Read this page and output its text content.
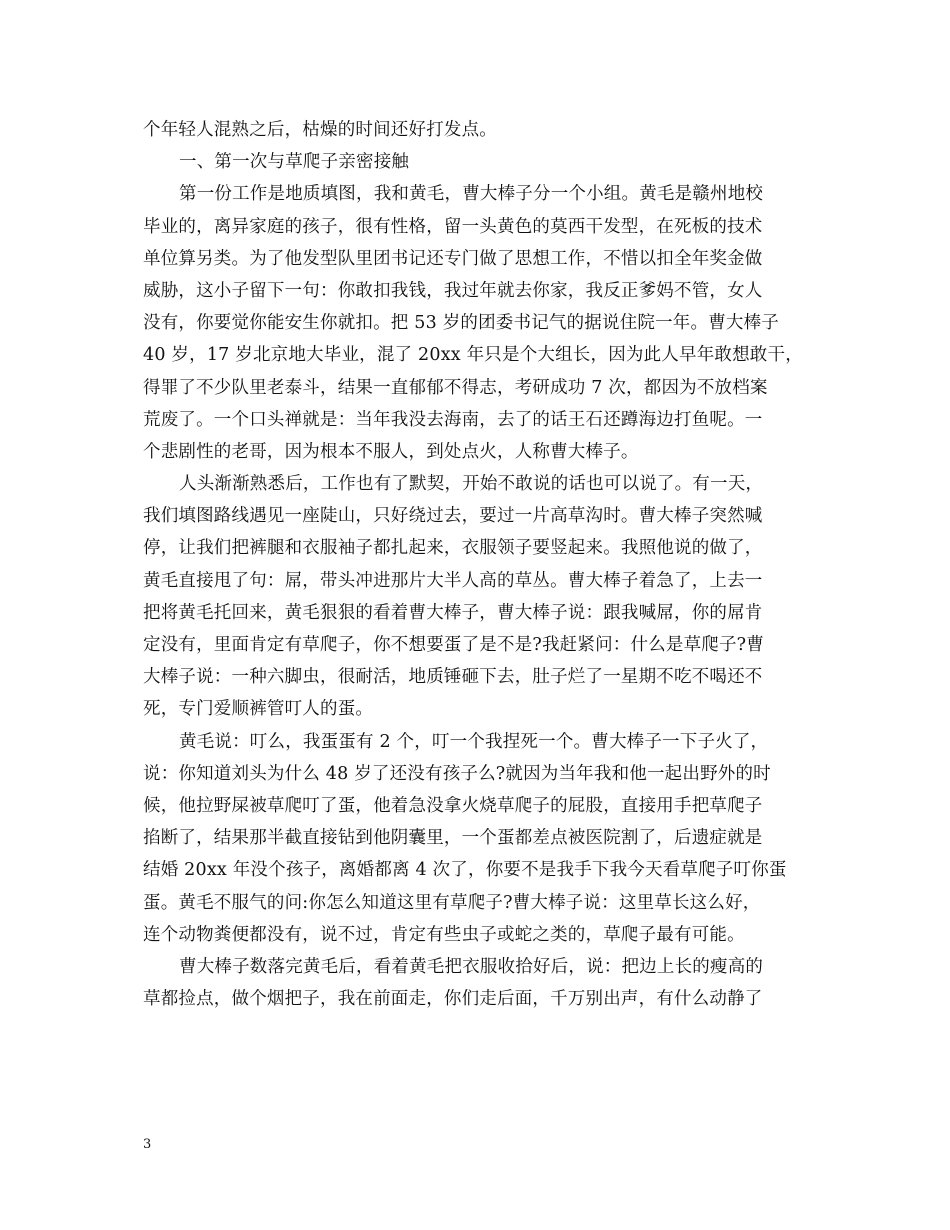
个年轻人混熟之后，枯燥的时间还好打发点。
一、第一次与草爬子亲密接触
第一份工作是地质填图，我和黄毛，曹大棒子分一个小组。黄毛是赣州地校
毕业的，离异家庭的孩子，很有性格，留一头黄色的莫西干发型，在死板的技术
单位算另类。为了他发型队里团书记还专门做了思想工作，不惜以扣全年奖金做
威胁，这小子留下一句：你敢扣我钱，我过年就去你家，我反正爹妈不管，女人
没有，你要觉你能安生你就扣。把 53 岁的团委书记气的据说住院一年。曹大棒子
40 岁，17 岁北京地大毕业，混了 20xx 年只是个大组长，因为此人早年敢想敢干，
得罪了不少队里老泰斗，结果一直郁郁不得志，考研成功 7 次，都因为不放档案
荒废了。一个口头禅就是：当年我没去海南，去了的话王石还蹲海边打鱼呢。一
个悲剧性的老哥，因为根本不服人，到处点火，人称曹大棒子。
人头渐渐熟悉后，工作也有了默契，开始不敢说的话也可以说了。有一天，
我们填图路线遇见一座陡山，只好绕过去，要过一片高草沟时。曹大棒子突然喊
停，让我们把裤腿和衣服袖子都扎起来，衣服领子要竖起来。我照他说的做了，
黄毛直接甩了句：屌，带头冲进那片大半人高的草丛。曹大棒子着急了，上去一
把将黄毛托回来，黄毛狠狠的看着曹大棒子，曹大棒子说：跟我喊屌，你的屌肯
定没有，里面肯定有草爬子，你不想要蛋了是不是?我赶紧问：什么是草爬子?曹
大棒子说：一种六脚虫，很耐活，地质锤砸下去，肚子烂了一星期不吃不喝还不
死，专门爱顺裤管叮人的蛋。
黄毛说：叮么，我蛋蛋有 2 个，叮一个我捏死一个。曹大棒子一下子火了，
说：你知道刘头为什么 48 岁了还没有孩子么?就因为当年我和他一起出野外的时
候，他拉野屎被草爬叮了蛋，他着急没拿火烧草爬子的屁股，直接用手把草爬子
掐断了，结果那半截直接钻到他阴囊里，一个蛋都差点被医院割了，后遗症就是
结婚 20xx 年没个孩子，离婚都离 4 次了，你要不是我手下我今天看草爬子叮你蛋
蛋。黄毛不服气的问:你怎么知道这里有草爬子?曹大棒子说：这里草长这么好，
连个动物粪便都没有，说不过，肯定有些虫子或蛇之类的，草爬子最有可能。
曹大棒子数落完黄毛后，看着黄毛把衣服收拾好后，说：把边上长的瘦高的
草都捡点，做个烟把子，我在前面走，你们走后面，千万别出声，有什么动静了
3
